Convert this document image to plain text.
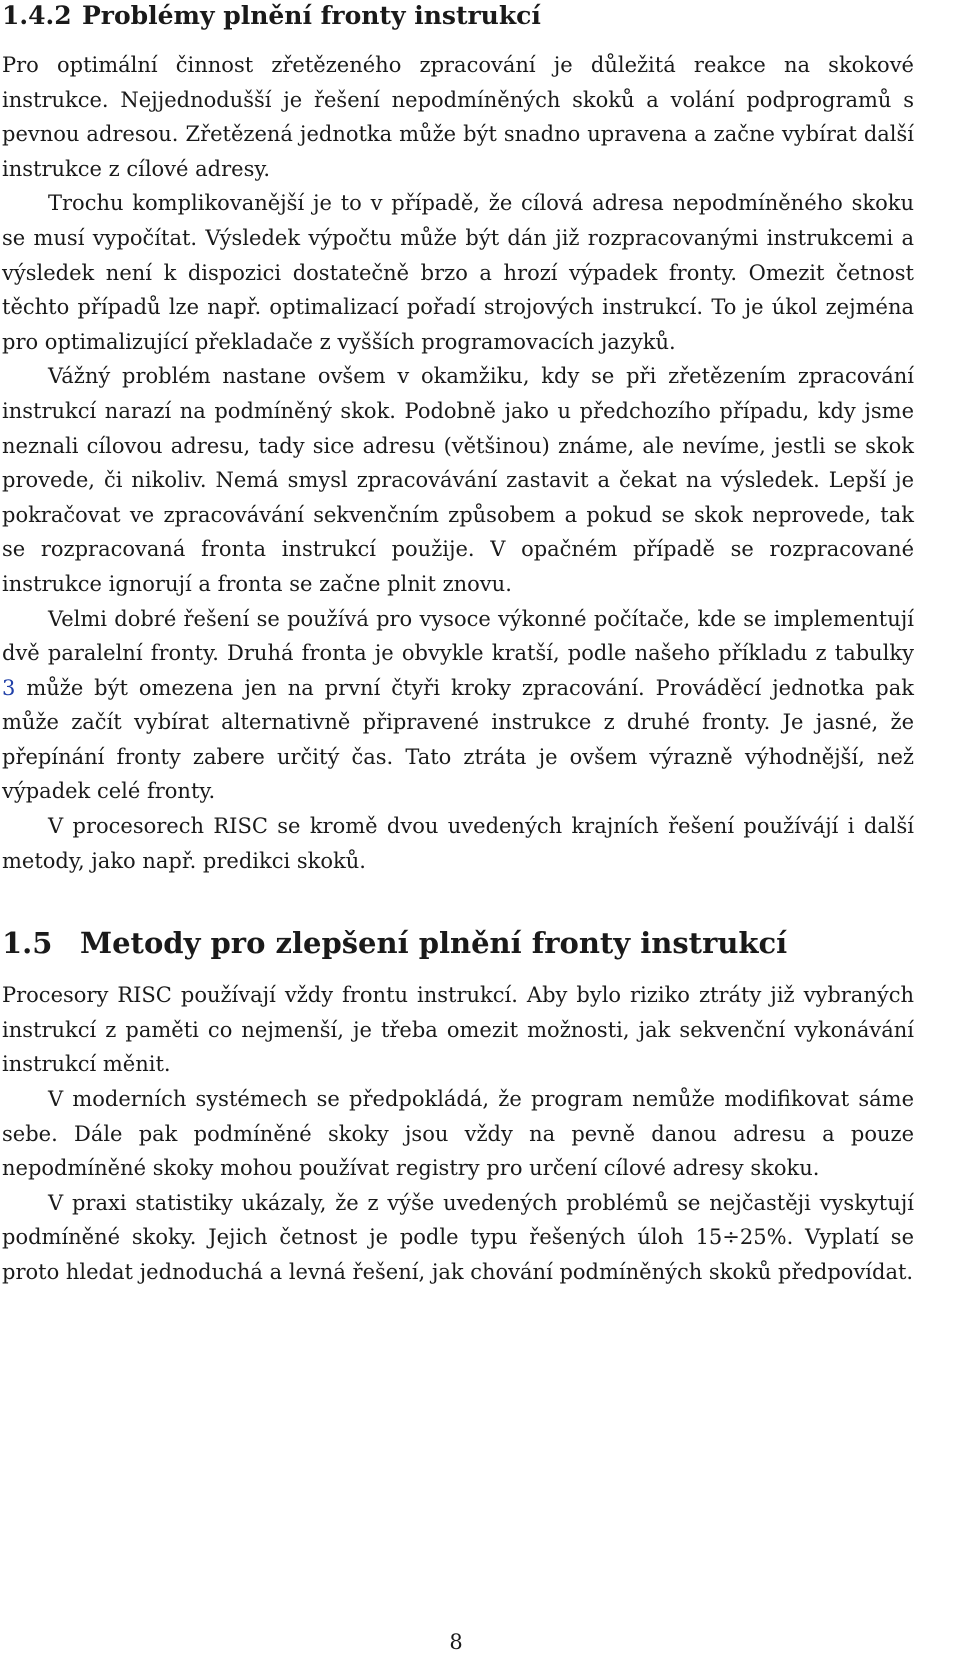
1.4.2 Problémy plnění fronty instrukcí

Pro optimální činnost zřetězeného zpracování je důležitá reakce na skokové instrukce. Nejjednodušší je řešení nepodmíněných skoků a volání podprogramů s pevnou adresou. Zřetězená jednotka může být snadno upravena a začne vybírat další instrukce z cílové adresy.

Trochu komplikovanější je to v případě, že cílová adresa nepodmíněného skoku se musí vypočítat. Výsledek výpočtu může být dán již rozpracovanými instrukcemi a výsledek není k dispozici dostatečně brzo a hrozí výpadek fronty. Omezit četnost těchto případů lze např. optimalizací pořadí strojových instrukcí. To je úkol zejména pro optimalizující překladače z vyšších programovacích jazyků.

Vážný problém nastane ovšem v okamžiku, kdy se při zřetězením zpracování instrukcí narazí na podmíněný skok. Podobně jako u předchozího případu, kdy jsme neznali cílovou adresu, tady sice adresu (většinou) známe, ale nevíme, jestli se skok provede, či nikoliv. Nemá smysl zpracovávání zastavit a čekat na výsledek. Lepší je pokračovat ve zpracovávání sekvenčním způsobem a pokud se skok neprovede, tak se rozpracovaná fronta instrukcí použije. V opačném případě se rozpracované instrukce ignorují a fronta se začne plnit znovu.

Velmi dobré řešení se používá pro vysoce výkonné počítače, kde se implementují dvě paralelní fronty. Druhá fronta je obvykle kratší, podle našeho příkladu z tabulky 3 může být omezena jen na první čtyři kroky zpracování. Prováděcí jednotka pak může začít vybírat alternativně připravené instrukce z druhé fronty. Je jasné, že přepínání fronty zabere určitý čas. Tato ztráta je ovšem výrazně výhodnější, než výpadek celé fronty.

V procesorech RISC se kromě dvou uvedených krajních řešení používájí i další metody, jako např. predikci skoků.

1.5 Metody pro zlepšení plnění fronty instrukcí

Procesory RISC používají vždy frontu instrukcí. Aby bylo riziko ztráty již vybraných instrukcí z paměti co nejmenší, je třeba omezit možnosti, jak sekvenční vykonávání instrukcí měnit.

V moderních systémech se předpokládá, že program nemůže modifikovat sáme sebe. Dále pak podmíněné skoky jsou vždy na pevně danou adresu a pouze nepodmíněné skoky mohou používat registry pro určení cílové adresy skoku.

V praxi statistiky ukázaly, že z výše uvedených problémů se nejčastěji vyskytují podmíněné skoky. Jejich četnost je podle typu řešených úloh 15÷25%. Vyplatí se proto hledat jednoduchá a levná řešení, jak chování podmíněných skoků předpovídat.

8
